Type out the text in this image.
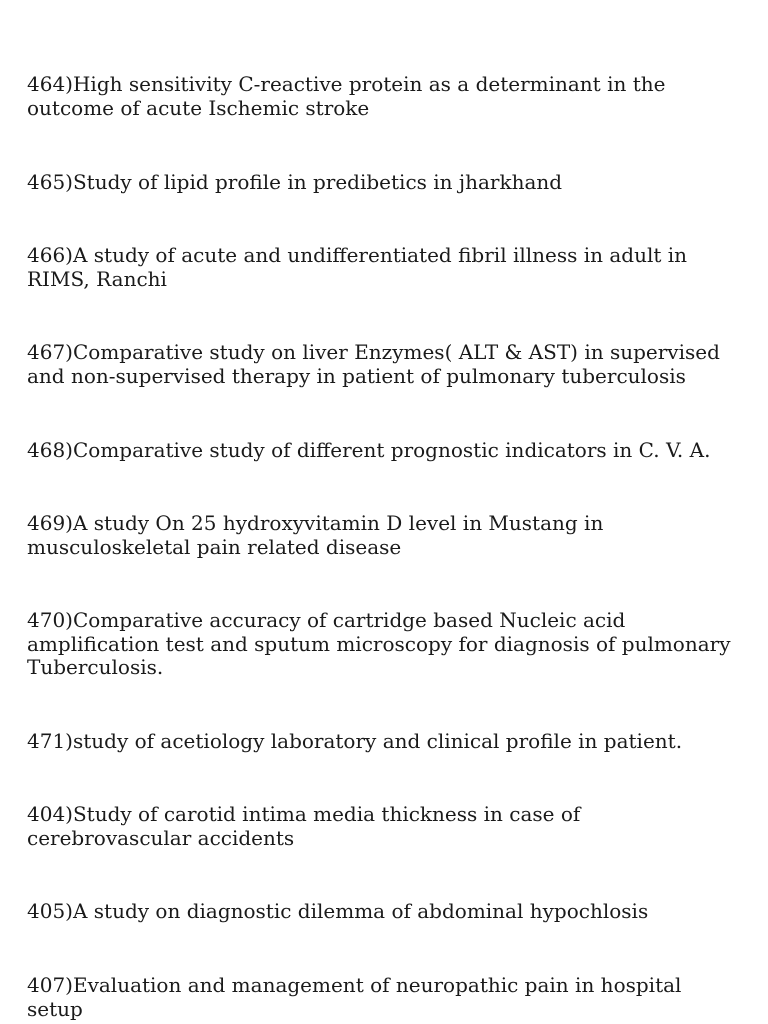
464)High sensitivity C-reactive protein as a determinant in the outcome of acute Ischemic stroke

465)Study of lipid profile in predibetics in jharkhand

466)A study of acute and undifferentiated fibril illness in adult in RIMS, Ranchi

467)Comparative study on liver Enzymes( ALT & AST) in supervised and non-supervised therapy in patient of pulmonary tuberculosis

468)Comparative study of different prognostic indicators in C. V. A.

469)A study On 25 hydroxyvitamin D level in Mustang in musculoskeletal pain related disease

470)Comparative accuracy of cartridge based Nucleic acid amplification test and sputum microscopy for diagnosis of pulmonary Tuberculosis.

471)study of acetiology laboratory and clinical profile in patient.

404)Study of carotid intima media thickness in case of cerebrovascular accidents

405)A study on diagnostic dilemma of abdominal hypochlosis

407)Evaluation and management of neuropathic pain in hospital setup
